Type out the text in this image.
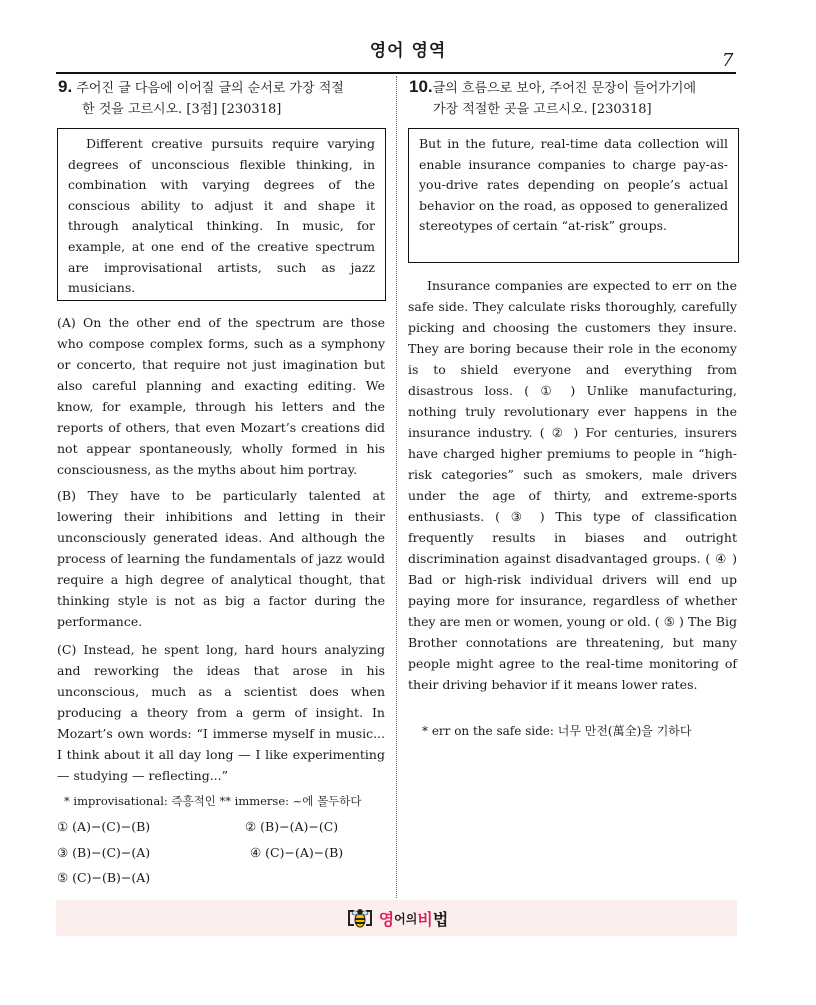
영어 영역	7
9. 주어진 글 다음에 이어질 글의 순서로 가장 적절
한 것을 고르시오. [3점] [230318]
Different creative pursuits require varying degrees of unconscious flexible thinking, in combination with varying degrees of the conscious ability to adjust it and shape it through analytical thinking. In music, for example, at one end of the creative spectrum are improvisational artists, such as jazz musicians.
(A) On the other end of the spectrum are those who compose complex forms, such as a symphony or concerto, that require not just imagination but also careful planning and exacting editing. We know, for example, through his letters and the reports of others, that even Mozart’s creations did not appear spontaneously, wholly formed in his consciousness, as the myths about him portray.
(B) They have to be particularly talented at lowering their inhibitions and letting in their unconsciously generated ideas. And although the process of learning the fundamentals of jazz would require a high degree of analytical thought, that thinking style is not as big a factor during the performance.
(C) Instead, he spent long, hard hours analyzing and reworking the ideas that arose in his unconscious, much as a scientist does when producing a theory from a germ of insight. In Mozart’s own words: “I immerse myself in music... I think about it all day long — I like experimenting — studying — reflecting...”
* improvisational: 즉흥적인 ** immerse: ~에 몰두하다
① (A)−(C)−(B)	② (B)−(A)−(C)
③ (B)−(C)−(A)	④ (C)−(A)−(B)
⑤ (C)−(B)−(A)
10.글의 흐름으로 보아, 주어진 문장이 들어가기에
가장 적절한 곳을 고르시오. [230318]
But in the future, real-time data collection will enable insurance companies to charge pay-as-you-drive rates depending on people’s actual behavior on the road, as opposed to generalized stereotypes of certain “at-risk” groups.
Insurance companies are expected to err on the safe side. They calculate risks thoroughly, carefully picking and choosing the customers they insure. They are boring because their role in the economy is to shield everyone and everything from disastrous loss. ( ① ) Unlike manufacturing, nothing truly revolutionary ever happens in the insurance industry. ( ② ) For centuries, insurers have charged higher premiums to people in “high-risk categories” such as smokers, male drivers under the age of thirty, and extreme-sports enthusiasts. ( ③ ) This type of classification frequently results in biases and outright discrimination against disadvantaged groups. ( ④ ) Bad or high-risk individual drivers will end up paying more for insurance, regardless of whether they are men or women, young or old. ( ⑤ ) The Big Brother connotations are threatening, but many people might agree to the real-time monitoring of their driving behavior if it means lower rates.
* err on the safe side: 너무 만전(萬全)을 기하다
영 어의 비 법
